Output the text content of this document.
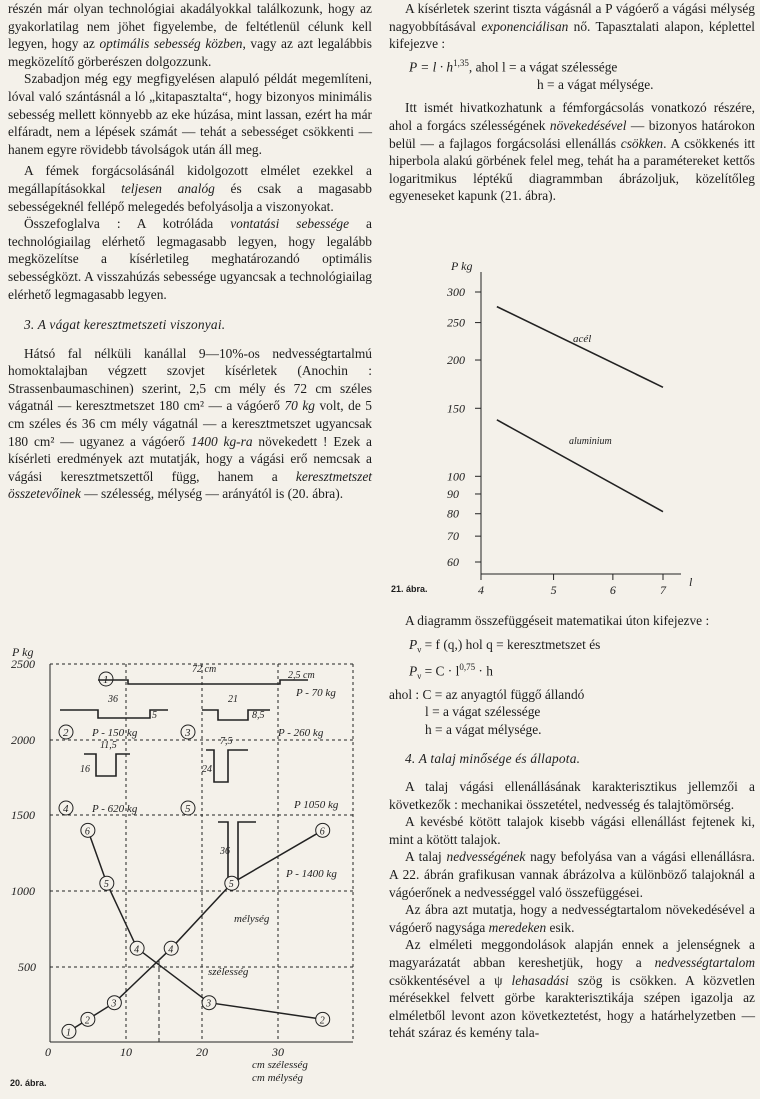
részén már olyan technológiai akadályokkal találkozunk, hogy az gyakorlatilag nem jöhet figyelembe, de feltétlenül célunk kell legyen, hogy az optimális sebesség közben, vagy az azt legalábbis megközelítő görberészen dolgozzunk.

Szabadjon még egy megfigyelésen alapuló példát megemlíteni, lóval való szántásnál a ló „kitapasztalta“, hogy bizonyos minimális sebesség mellett könnyebb az eke húzása, mint lassan, ezért ha már elfáradt, nem a lépések számát — tehát a sebességet csökkenti — hanem egyre rövidebb távolságok után áll meg.

A fémek forgácsolásánál kidolgozott elmélet ezekkel a megállapításokkal teljesen analóg és csak a magasabb sebességeknél fellépő melegedés befolyásolja a viszonyokat.

Összefoglalva : A kotróláda vontatási sebessége a technológiailag elérhető legmagasabb legyen, hogy legalább megközelítse a kísérletileg meghatározandó optimális sebességközt. A visszahúzás sebessége ugyancsak a technológiailag elérhető legmagasabb legyen.

3. A vágat keresztmetszeti viszonyai.

Hátsó fal nélküli kanállal 9—10%-os nedvességtartalmú homoktalajban végzett szovjet kísérletek (Anochin : Strassenbaumaschinen) szerint, 2,5 cm mély és 72 cm széles vágatnál — keresztmetszet 180 cm² — a vágóerő 70 kg volt, de 5 cm széles és 36 cm mély vágatnál — a keresztmetszet ugyancsak 180 cm² — ugyanez a vágóerő 1400 kg-ra növekedett ! Ezek a kísérleti eredmények azt mutatják, hogy a vágási erő nemcsak a vágási keresztmetszettől függ, hanem a keresztmetszet összetevőinek — szélesség, mélység — arányától is (20. ábra).

P kg
2500
2000
1500
1000
500
0	10	20	30
cm szélesség
cm mélység
mélység
szélesség
72 cm
2,5 cm
36
5
21
8,5
11,5
16
7,5
24
36
1
P - 70 kg
2 P - 150 kg	3	P - 260 kg
4 P - 620 kg	5	P 1050 kg
P - 1400 kg
1
2
3
4
5
6
2
3
4
5
6
20. ábra.

A kísérletek szerint tiszta vágásnál a P vágóerő a vágási mélység nagyobbításával exponenciálisan nő. Tapasztalati alapon, képlettel kifejezve :

$P = l \cdot h^{1,35}$, ahol l = a vágat szélessége

h = a vágat mélysége.

Itt ismét hivatkozhatunk a fémforgácsolás vonatkozó részére, ahol a forgács szélességének növekedésével — bizonyos határokon belül — a fajlagos forgácsolási ellenállás csökken. A csökkenés itt hiperbola alakú görbének felel meg, tehát ha a paramétereket kettős logaritmikus léptékű diagrammban ábrázoljuk, közelítőleg egyeneseket kapunk (21. ábra).

300
250
200
150
100
90
80
70
60
4	5	6	7
P kg
l
acél
aluminium
21. ábra.

A diagramm összefüggéseit matematikai úton kifejezve :

$P_\nu = f$ (q,) hol q = keresztmetszet és
$P_\nu = C \cdot l^{0,75} \cdot h$
ahol : C = az anyagtól függő állandó
l = a vágat szélessége
h = a vágat mélysége.

4. A talaj minősége és állapota.

A talaj vágási ellenállásának karakterisztikus jellemzői a következők : mechanikai összetétel, nedvesség és talajtömörség.

A kevésbé kötött talajok kisebb vágási ellenállást fejtenek ki, mint a kötött talajok.

A talaj nedvességének nagy befolyása van a vágási ellenállásra. A 22. ábrán grafikusan vannak ábrázolva a különböző talajoknál a vágóerőnek a nedvességgel való összefüggései.

Az ábra azt mutatja, hogy a nedvességtartalom növekedésével a vágóerő nagysága meredeken esik.

Az elméleti meggondolások alapján ennek a jelenségnek a magyarázatát abban kereshetjük, hogy a nedvességtartalom csökkentésével a ψ lehasadási szög is csökken. A közvetlen mérésekkel felvett görbe karakterisztikája szépen igazolja az elméletből levont azon következtetést, hogy a határhelyzetben — tehát száraz és kemény tala-
